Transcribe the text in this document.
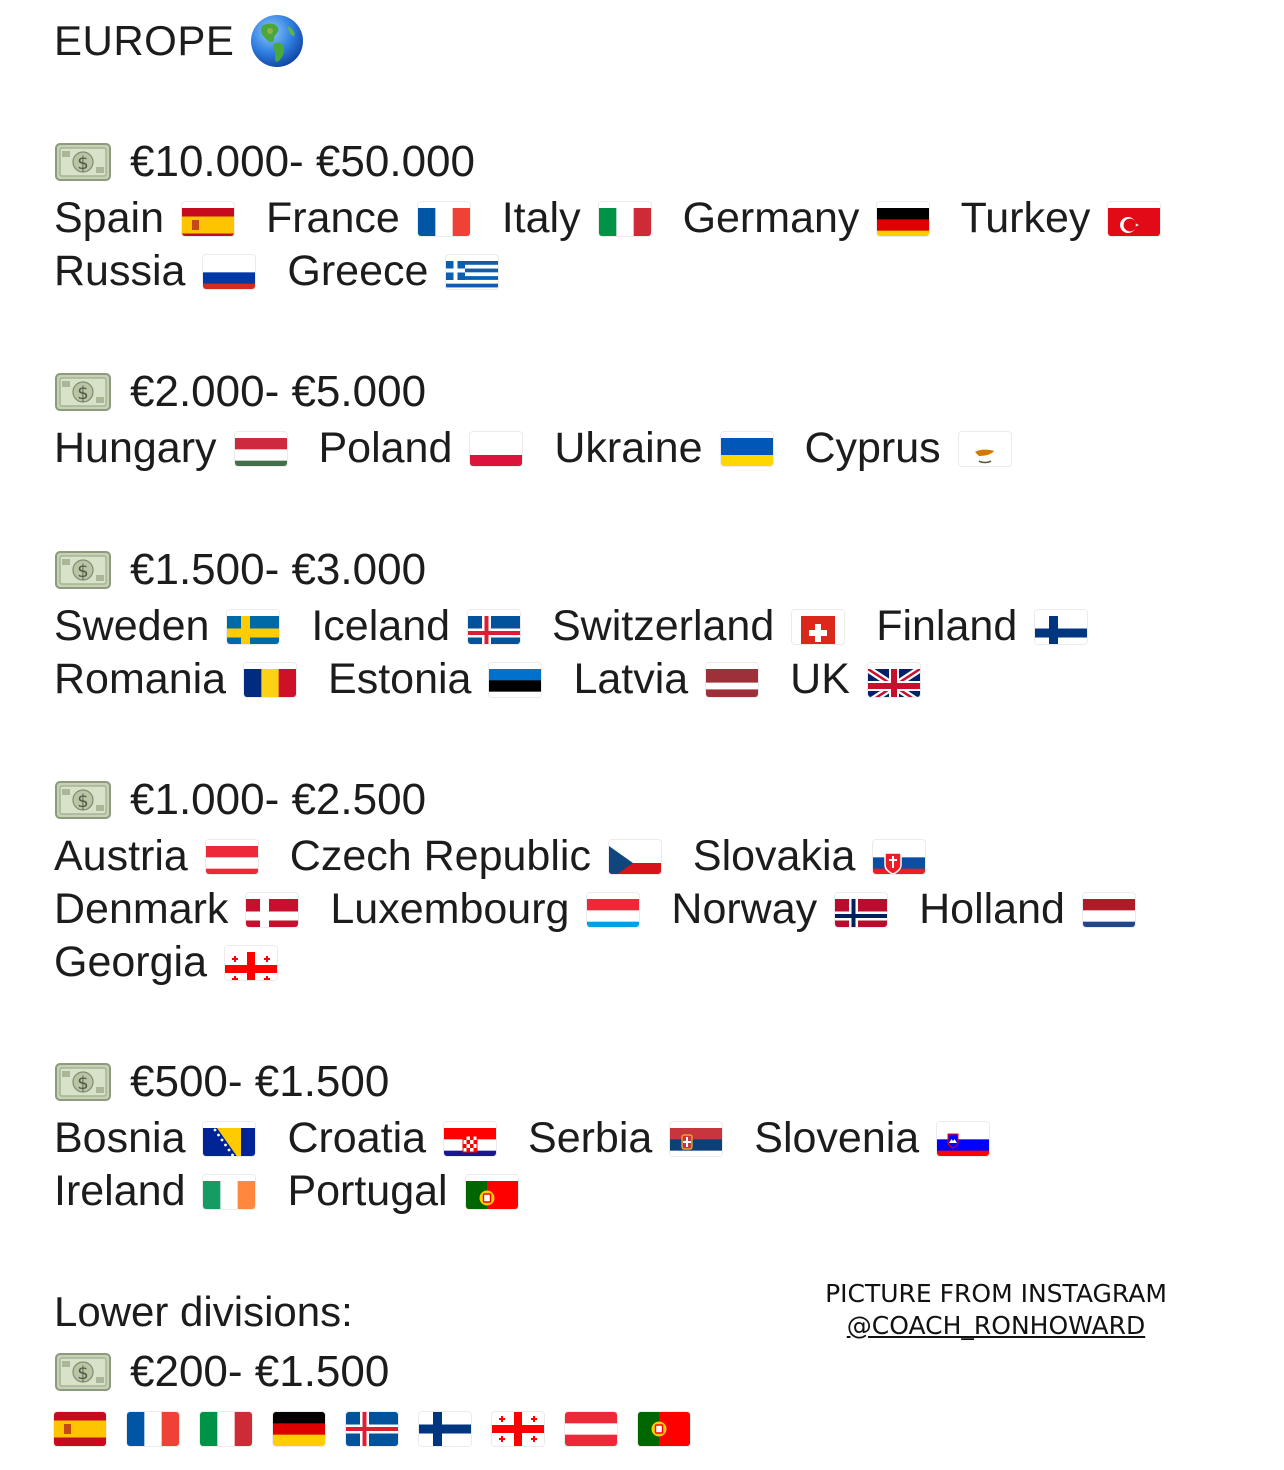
EUROPE
$ €10.000- €50.000
Spain France Italy Germany Turkey Russia Greece
$ €2.000- €5.000
Hungary Poland Ukraine Cyprus
$ €1.500- €3.000
Sweden Iceland Switzerland Finland Romania Estonia Latvia UK
$ €1.000- €2.500
Austria Czech Republic Slovakia Denmark Luxembourg Norway Holland Georgia
$ €500- €1.500
Bosnia Croatia Serbia Slovenia Ireland Portugal
Lower divisions:
$ €200- €1.500
PICTURE FROM INSTAGRAM
@COACH_RONHOWARD
